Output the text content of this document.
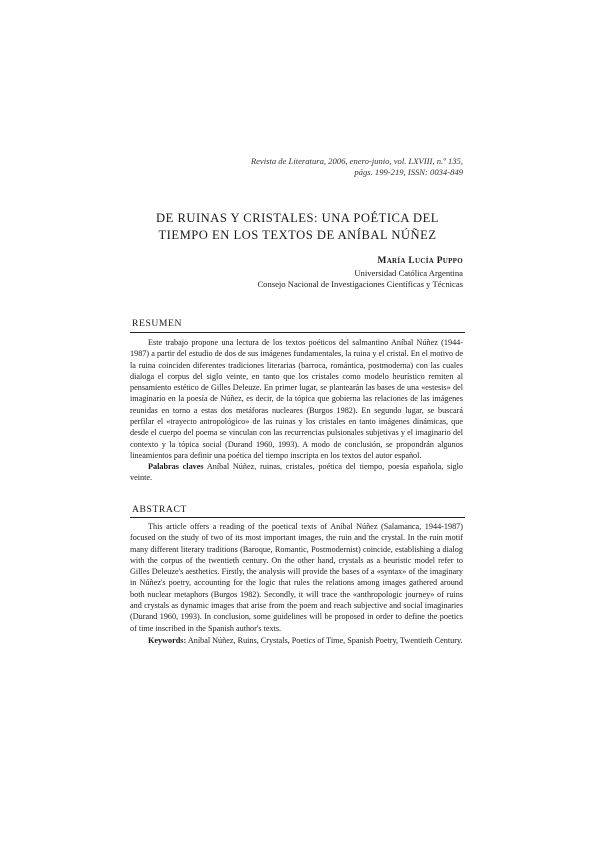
Revista de Literatura, 2006, enero-junio, vol. LXVIII, n.º 135,
págs. 199-219, ISSN: 0034-849
DE RUINAS Y CRISTALES: UNA POÉTICA DEL
TIEMPO EN LOS TEXTOS DE ANÍBAL NÚÑEZ
María Lucía Puppo
Universidad Católica Argentina
Consejo Nacional de Investigaciones Científicas y Técnicas
RESUMEN
Este trabajo propone una lectura de los textos poéticos del salmantino Aníbal Núñez (1944-1987) a partir del estudio de dos de sus imágenes fundamentales, la ruina y el cristal. En el motivo de la ruina coinciden diferentes tradiciones literarias (barroca, romántica, postmoderna) con las cuales dialoga el corpus del siglo veinte, en tanto que los cristales como modelo heurístico remiten al pensamiento estético de Gilles Deleuze. En primer lugar, se plantearán las bases de una «estesis» del imaginario en la poesía de Núñez, es decir, de la tópica que gobierna las relaciones de las imágenes reunidas en torno a estas dos metáforas nucleares (Burgos 1982). En segundo lugar, se buscará perfilar el «trayecto antropológico» de las ruinas y los cristales en tanto imágenes dinámicas, que desde el cuerpo del poema se vinculan con las recurrencias pulsionales subjetivas y el imaginario del contexto y la tópica social (Durand 1960, 1993). A modo de conclusión, se propondrán algunos lineamientos para definir una poética del tiempo inscripta en los textos del autor español.
Palabras claves Aníbal Núñez, ruinas, cristales, poética del tiempo, poesía española, siglo veinte.
ABSTRACT
This article offers a reading of the poetical texts of Aníbal Núñez (Salamanca, 1944-1987) focused on the study of two of its most important images, the ruin and the crystal. In the ruin motif many different literary traditions (Baroque, Romantic, Postmodernist) coincide, establishing a dialog with the corpus of the twentieth century. On the other hand, crystals as a heuristic model refer to Gilles Deleuze's aesthetics. Firstly, the analysis will provide the bases of a «syntax» of the imaginary in Núñez's poetry, accounting for the logic that rules the relations among images gathered around both nuclear metaphors (Burgos 1982). Secondly, it will trace the «anthropologic journey» of ruins and crystals as dynamic images that arise from the poem and reach subjective and social imaginaries (Durand 1960, 1993). In conclusion, some guidelines will be proposed in order to define the poetics of time inscribed in the Spanish author's texts.
Keywords: Aníbal Núñez, Ruins, Crystals, Poetics of Time, Spanish Poetry, Twentieth Century.
